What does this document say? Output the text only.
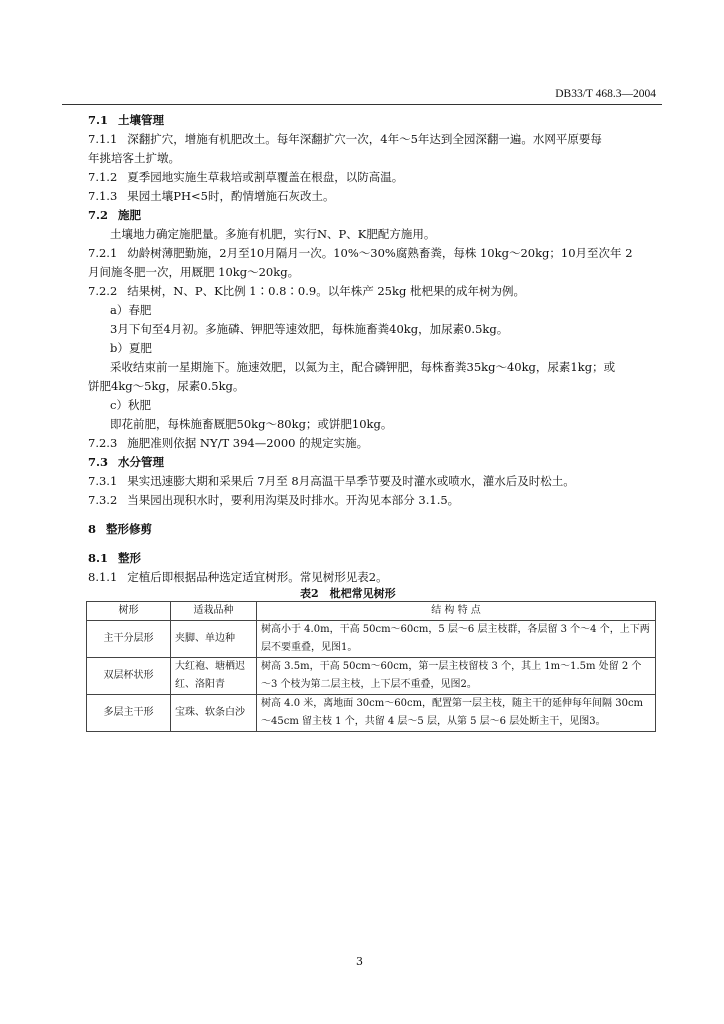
DB33/T 468.3—2004
7.1 土壤管理
7.1.1 深翻扩穴，增施有机肥改土。每年深翻扩穴一次，4年～5年达到全园深翻一遍。水网平原要每
年挑培客土扩墩。
7.1.2 夏季园地实施生草栽培或割草覆盖在根盘，以防高温。
7.1.3 果园土壤PH<5时，酌情增施石灰改土。
7.2 施肥
土壤地力确定施肥量。多施有机肥，实行N、P、K肥配方施用。
7.2.1 幼龄树薄肥勤施，2月至10月隔月一次。10%～30%腐熟畜粪，每株 10kg～20kg；10月至次年 2
月间施冬肥一次，用厩肥 10kg～20kg。
7.2.2 结果树，N、P、K比例 1∶0.8∶0.9。以年株产 25kg 枇杷果的成年树为例。
a）春肥
3月下旬至4月初。多施磷、钾肥等速效肥，每株施畜粪40kg，加尿素0.5kg。
b）夏肥
采收结束前一星期施下。施速效肥，以氮为主，配合磷钾肥，每株畜粪35kg～40kg，尿素1kg；或
饼肥4kg～5kg，尿素0.5kg。
c）秋肥
即花前肥，每株施畜厩肥50kg～80kg；或饼肥10kg。
7.2.3 施肥准则依据 NY/T 394—2000 的规定实施。
7.3 水分管理
7.3.1 果实迅速膨大期和采果后 7月至 8月高温干旱季节要及时灌水或喷水，灌水后及时松土。
7.3.2 当果园出现积水时，要利用沟渠及时排水。开沟见本部分 3.1.5。
8 整形修剪
8.1 整形
8.1.1 定植后即根据品种选定适宜树形。常见树形见表2。
表2　枇杷常见树形
树形	适栽品种	结 构 特 点
主干分层形	夹脚、单边种	树高小于 4.0m，干高 50cm～60cm，5 层～6 层主枝群，各层留 3 个～4 个，上下两层不要重叠，见图1。
双层杯状形	大红袍、塘栖迟红、洛阳青	树高 3.5m，干高 50cm～60cm，第一层主枝留枝 3 个，其上 1m～1.5m 处留 2 个～3 个枝为第二层主枝，上下层不重叠，见图2。
多层主干形	宝珠、软条白沙	树高 4.0 米，离地面 30cm～60cm，配置第一层主枝，随主干的延伸每年间隔 30cm～45cm 留主枝 1 个，共留 4 层～5 层，从第 5 层～6 层处断主干，见图3。
3
